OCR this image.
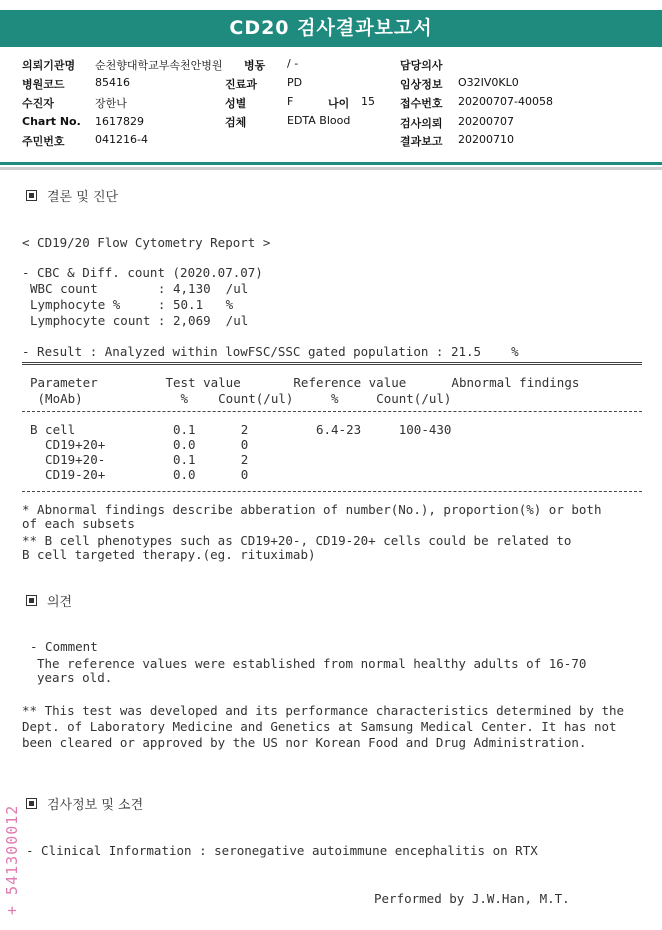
CD20 검사결과보고서
의뢰기관명 순천향대학교부속천안병원 병동 / -	담당의사
병원코드	85416	진료과	PD	임상정보 O32IV0KL0
수진자	장한나	성별	F	나이 15 접수번호 20200707-40058
Chart No. 1617829	검체	EDTA Blood	검사의뢰 20200707
주민번호	041216-4	결과보고 20200710
결론 및 진단
< CD19/20 Flow Cytometry Report >
- CBC & Diff. count (2020.07.07)
WBC count        : 4,130  /ul
Lymphocyte %     : 50.1   %
Lymphocyte count : 2,069  /ul
- Result : Analyzed within lowFSC/SSC gated population : 21.5    %
Parameter         Test value       Reference value      Abnormal findings
(MoAb)             %    Count(/ul)     %     Count(/ul)
B cell             0.1      2         6.4-23     100-430
CD19+20+         0.0      0
CD19+20-         0.1      2
CD19-20+         0.0      0
* Abnormal findings describe abberation of number(No.), proportion(%) or both
of each subsets
** B cell phenotypes such as CD19+20-, CD19-20+ cells could be related to
B cell targeted therapy.(eg. rituximab)
의견
- Comment
The reference values were established from normal healthy adults of 16-70
years old.
** This test was developed and its performance characteristics determined by the
Dept. of Laboratory Medicine and Genetics at Samsung Medical Center. It has not
been cleared or approved by the US nor Korean Food and Drug Administration.
검사정보 및 소견
- Clinical Information : seronegative autoimmune encephalitis on RTX
Performed by J.W.Han, M.T.
+ 541300012
